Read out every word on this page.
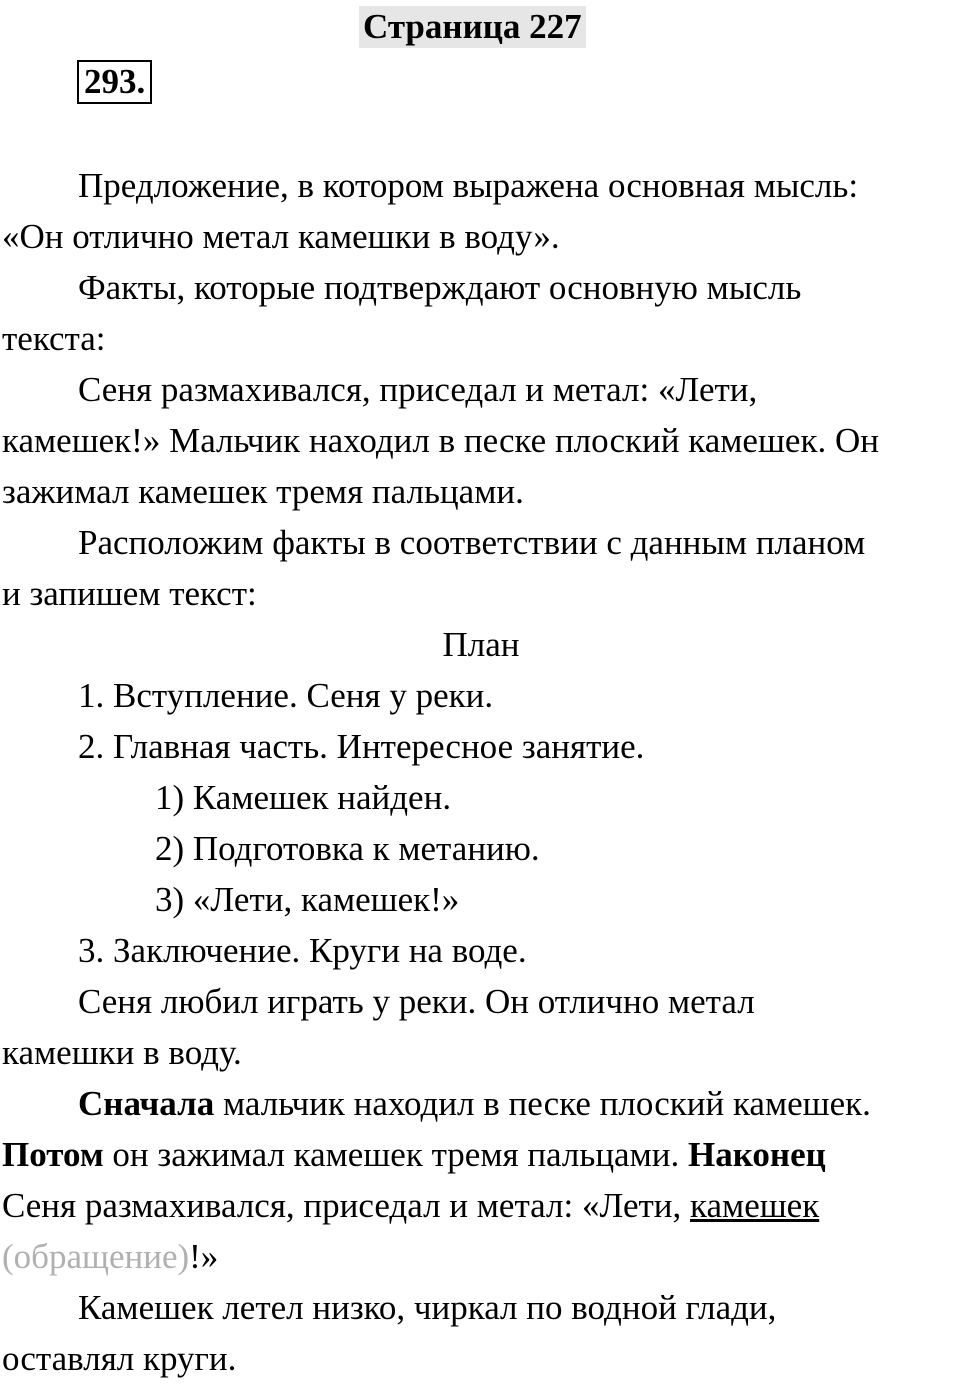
Страница 227
293.

Предложение, в котором выражена основная мысль:

«Он отлично метал камешки в воду».

Факты, которые подтверждают основную мысль

текста:

Сеня размахивался, приседал и метал: «Лети,

камешек!» Мальчик находил в песке плоский камешек. Он

зажимал камешек тремя пальцами.

Расположим факты в соответствии с данным планом

и запишем текст:

План

1. Вступление. Сеня у реки.

2. Главная часть. Интересное занятие.

1) Камешек найден.

2) Подготовка к метанию.

3) «Лети, камешек!»

3. Заключение. Круги на воде.

Сеня любил играть у реки. Он отлично метал

камешки в воду.

Сначала мальчик находил в песке плоский камешек.

Потом он зажимал камешек тремя пальцами. Наконец

Сеня размахивался, приседал и метал: «Лети, камешек

(обращение)!»

Камешек летел низко, чиркал по водной глади,

оставлял круги.
